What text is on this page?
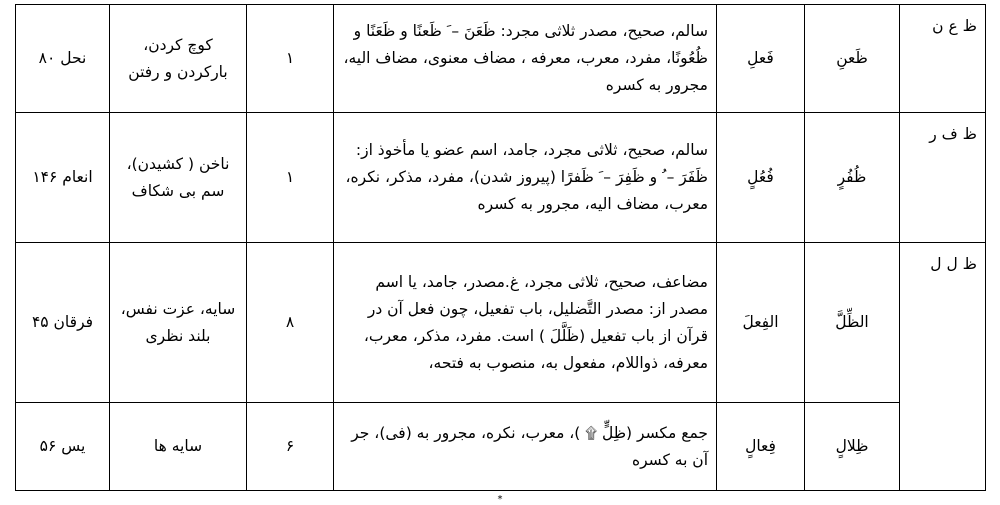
ظ ع ن	ظَعنِ	فَعلِ	سالم، صحیح، مصدر ثلاثی مجرد: ظَعَنَ – َ ظَعنًا و ظَعَنًا و ظُعُونًا، مفرد، معرب، معرفه ، مضاف معنوی، مضاف الیه، مجرور به کسره	۱	کوچ کردن، بارکردن و رفتن	نحل ۸۰
ظ ف ر	ظُفُرٍ	فُعُلٍ	سالم، صحیح، ثلاثی مجرد، جامد، اسم عضو یا مأخوذ از: ظَفَرَ – ُ و ظَفِرَ – َ ظَفرًا (پیروز شدن)، مفرد، مذکر، نکره، معرب، مضاف الیه، مجرور به کسره	۱	ناخن ( کشیدن)، سم بی شکاف	انعام ۱۴۶
ظ ل ل	الظِّلَّ	الفِعلَ	مضاعف، صحیح، ثلاثی مجرد، غ.مصدر، جامد، یا اسم مصدر از: مصدر التَّضلیل، باب تفعیل، چون فعل آن در قرآن از باب تفعیل (ظَلَّلَ ) است. مفرد، مذکر، معرب، معرفه، ذواللام، مفعول به، منصوب به فتحه،	۸	سایه، عزت نفس، بلند نظری	فرقان ۴۵
	ظِلالٍ	فِعالٍ	جمع مکسر (ظِلٍّ ۩ )، معرب، نکره، مجرور به (فی)، جر آن به کسره	۶	سایه ها	یس ۵۶
*
